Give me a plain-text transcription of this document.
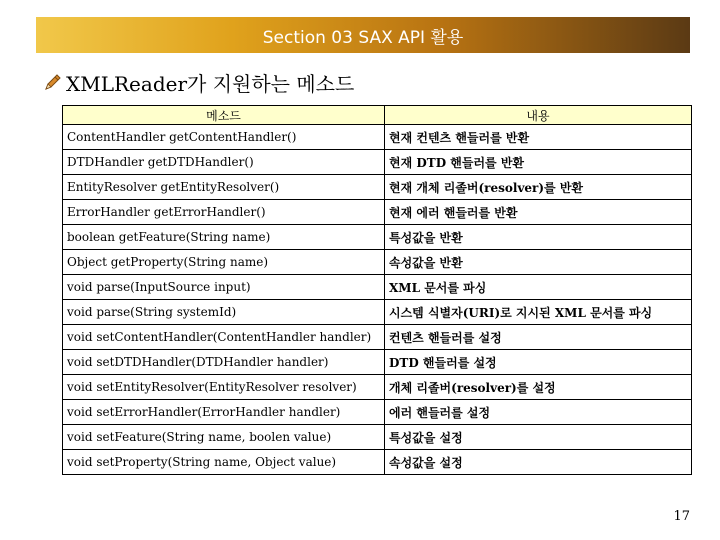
Section 03 SAX API 활용
XMLReader가 지원하는 메소드
메소드	내용
ContentHandler getContentHandler()	현재 컨텐츠 핸들러를 반환
DTDHandler getDTDHandler()	현재 DTD 핸들러를 반환
EntityResolver getEntityResolver()	현재 개체 리졸버(resolver)를 반환
ErrorHandler getErrorHandler()	현재 에러 핸들러를 반환
boolean getFeature(String name)	특성값을 반환
Object getProperty(String name)	속성값을 반환
void parse(InputSource input)	XML 문서를 파싱
void parse(String systemId)	시스템 식별자(URI)로 지시된 XML 문서를 파싱
void setContentHandler(ContentHandler handler)	컨텐츠 핸들러를 설정
void setDTDHandler(DTDHandler handler)	DTD 핸들러를 설정
void setEntityResolver(EntityResolver resolver)	개체 리졸버(resolver)를 설정
void setErrorHandler(ErrorHandler handler)	에러 핸들러를 설정
void setFeature(String name, boolen value)	특성값을 설정
void setProperty(String name, Object value)	속성값을 설정
17
